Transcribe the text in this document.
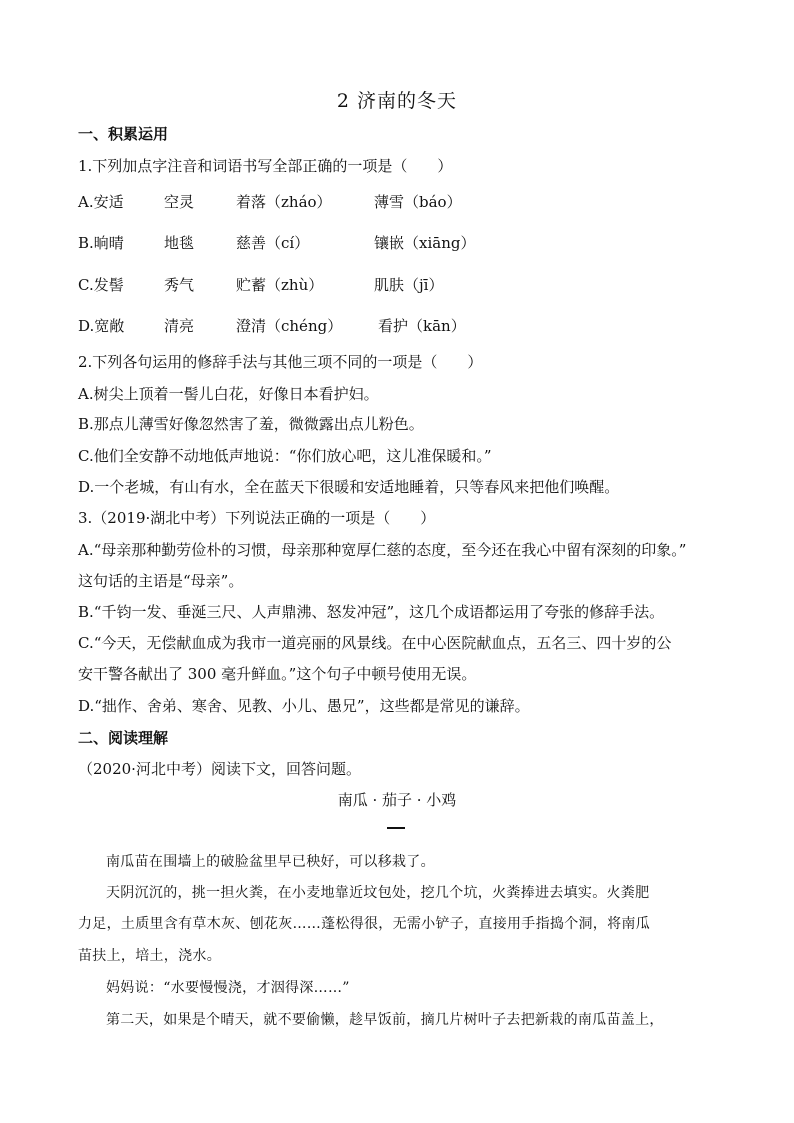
2 济南的冬天
一、积累运用
1.下列加点字注音和词语书写全部正确的一项是（　　）
A.安适	空灵	着落（zháo）	薄雪（báo）
B.晌晴	地毯	慈善（cí）	镶嵌（xiāng）
C.发髻	秀气	贮蓄（zhù）	肌肤（jī）
D.宽敞	清亮	澄清（chéng） 看护（kān）
2.下列各句运用的修辞手法与其他三项不同的一项是（　　）
A.树尖上顶着一髻儿白花，好像日本看护妇。
B.那点儿薄雪好像忽然害了羞，微微露出点儿粉色。
C.他们全安静不动地低声地说：“你们放心吧，这儿准保暖和。”
D.一个老城，有山有水，全在蓝天下很暖和安适地睡着，只等春风来把他们唤醒。
3.（2019·湖北中考）下列说法正确的一项是（　　）
A.“母亲那种勤劳俭朴的习惯，母亲那种宽厚仁慈的态度，至今还在我心中留有深刻的印象。”
这句话的主语是“母亲”。
B.“千钧一发、垂涎三尺、人声鼎沸、怒发冲冠”，这几个成语都运用了夸张的修辞手法。
C.“今天，无偿献血成为我市一道亮丽的风景线。在中心医院献血点，五名三、四十岁的公
安干警各献出了 300 毫升鲜血。”这个句子中顿号使用无误。
D.“拙作、舍弟、寒舍、见教、小儿、愚兄”，这些都是常见的谦辞。
二、阅读理解
（2020·河北中考）阅读下文，回答问题。
南瓜 · 茄子 · 小鸡
南瓜苗在围墙上的破脸盆里早已秧好，可以移栽了。
天阴沉沉的，挑一担火粪，在小麦地靠近坟包处，挖几个坑，火粪捧进去填实。火粪肥
力足，土质里含有草木灰、刨花灰……蓬松得很，无需小铲子，直接用手指捣个洞，将南瓜
苗扶上，培土，浇水。
妈妈说：“水要慢慢浇，才洇得深……”
第二天，如果是个晴天，就不要偷懒，趁早饭前，摘几片树叶子去把新栽的南瓜苗盖上，
